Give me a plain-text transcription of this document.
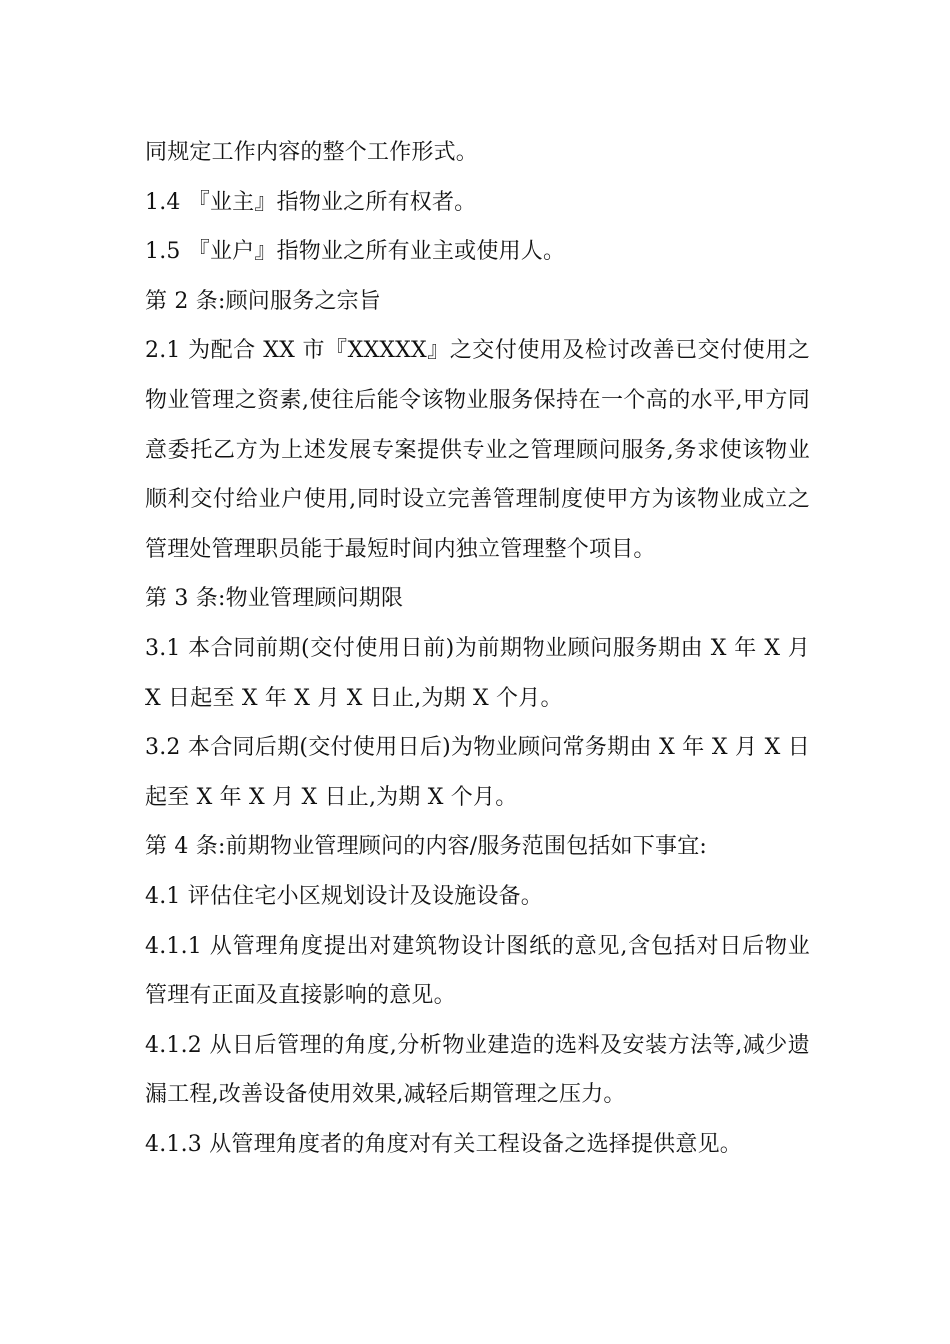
同规定工作内容的整个工作形式。

1.4 『业主』指物业之所有权者。

1.5 『业户』指物业之所有业主或使用人。

第 2 条:顾问服务之宗旨

2.1 为配合 XX 市『XXXXX』之交付使用及检讨改善已交付使用之物业管理之资素,使往后能令该物业服务保持在一个高的水平,甲方同意委托乙方为上述发展专案提供专业之管理顾问服务,务求使该物业顺利交付给业户使用,同时设立完善管理制度使甲方为该物业成立之管理处管理职员能于最短时间内独立管理整个项目。

第 3 条:物业管理顾问期限

3.1 本合同前期(交付使用日前)为前期物业顾问服务期由 X 年 X 月 X 日起至 X 年 X 月 X 日止,为期 X 个月。

3.2 本合同后期(交付使用日后)为物业顾问常务期由 X 年 X 月 X 日起至 X 年 X 月 X 日止,为期 X 个月。

第 4 条:前期物业管理顾问的内容/服务范围包括如下事宜:

4.1 评估住宅小区规划设计及设施设备。

4.1.1 从管理角度提出对建筑物设计图纸的意见,含包括对日后物业管理有正面及直接影响的意见。

4.1.2 从日后管理的角度,分析物业建造的选料及安装方法等,减少遗漏工程,改善设备使用效果,减轻后期管理之压力。

4.1.3 从管理角度者的角度对有关工程设备之选择提供意见。
